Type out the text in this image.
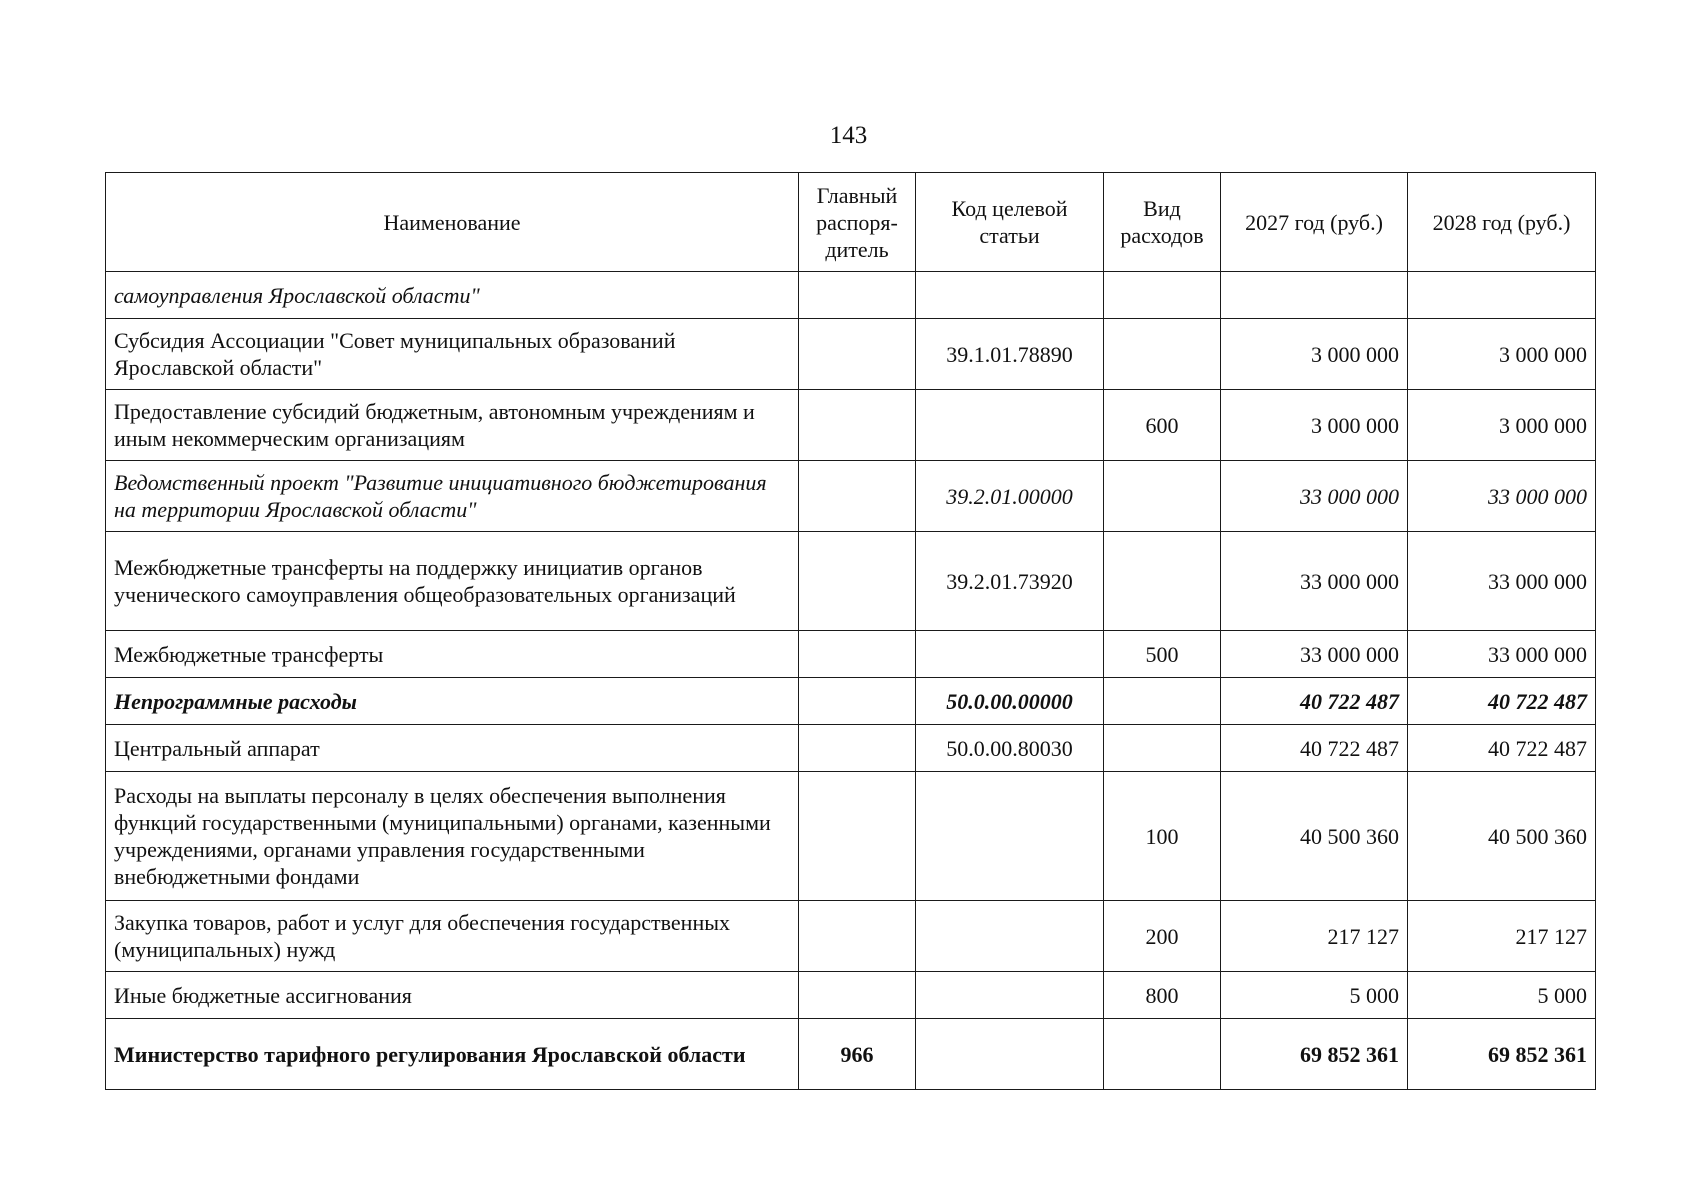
143
Наименование	Главный распоря-дитель	Код целевой статьи	Вид расходов	2027 год (руб.)	2028 год (руб.)
самоуправления Ярославской области"					
Субсидия Ассоциации "Совет муниципальных образований Ярославской области"		39.1.01.78890		3 000 000	3 000 000
Предоставление субсидий бюджетным, автономным учреждениям и иным некоммерческим организациям			600	3 000 000	3 000 000
Ведомственный проект "Развитие инициативного бюджетирования на территории Ярославской области"		39.2.01.00000		33 000 000	33 000 000
Межбюджетные трансферты на поддержку инициатив органов ученического самоуправления общеобразовательных организаций		39.2.01.73920		33 000 000	33 000 000
Межбюджетные трансферты			500	33 000 000	33 000 000
Непрограммные расходы		50.0.00.00000		40 722 487	40 722 487
Центральный аппарат		50.0.00.80030		40 722 487	40 722 487
Расходы на выплаты персоналу в целях обеспечения выполнения функций государственными (муниципальными) органами, казенными учреждениями, органами управления государственными внебюджетными фондами			100	40 500 360	40 500 360
Закупка товаров, работ и услуг для обеспечения государственных (муниципальных) нужд			200	217 127	217 127
Иные бюджетные ассигнования			800	5 000	5 000
Министерство тарифного регулирования Ярославской области	966			69 852 361	69 852 361
